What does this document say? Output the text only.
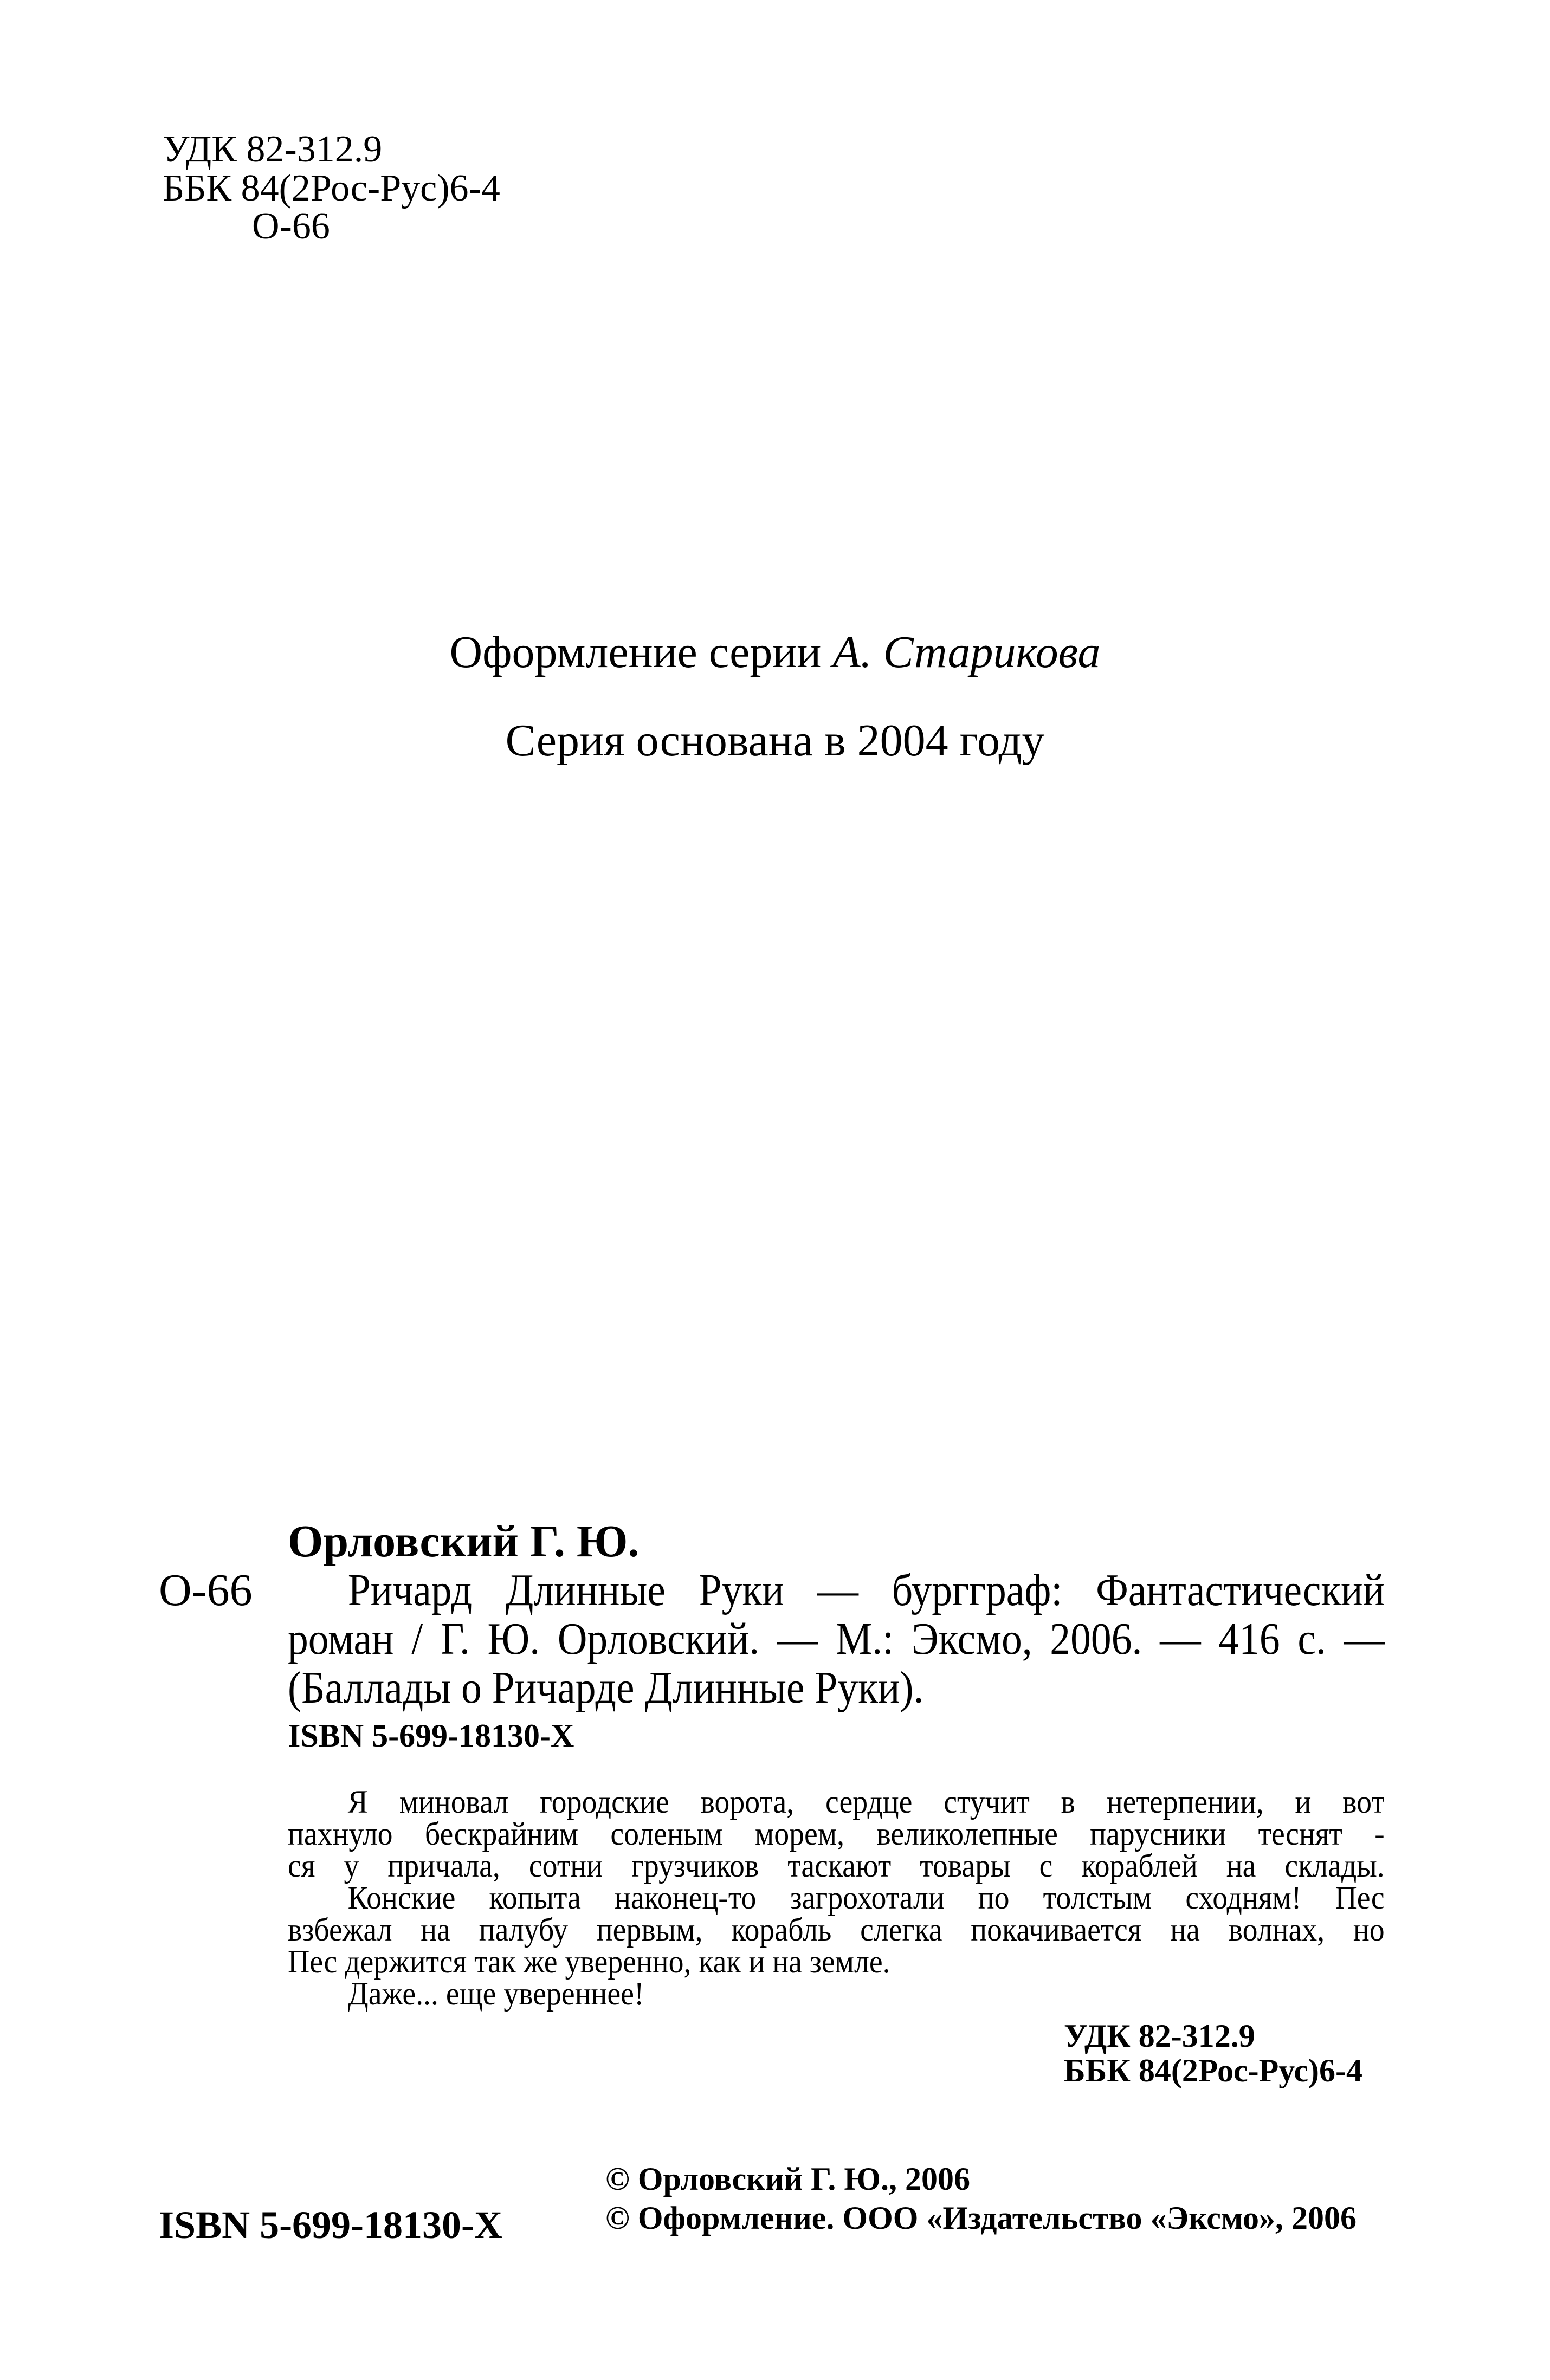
УДК 82-312.9
ББК 84(2Рос-Рус)6-4
О-66
Оформление серии А. Старикова
Серия основана в 2004 году
Орловский Г. Ю.
О-66 Ричард Длинные Руки — бургграф: Фантастический
роман / Г. Ю. Орловский. — М.: Эксмо, 2006. — 416 с. —
(Баллады о Ричарде Длинные Руки).
ISBN 5-699-18130-X
Я миновал городские ворота, сердце стучит в нетерпении, и вот
пахнуло бескрайним соленым морем, великолепные парусники теснят -
ся у причала, сотни грузчиков таскают товары с кораблей на склады.
Конские копыта наконец-то загрохотали по толстым сходням! Пес
взбежал на палубу первым, корабль слегка покачивается на волнах, но
Пес держится так же уверенно, как и на земле.
Даже... еще увереннее!
УДК 82-312.9
ББК 84(2Рос-Рус)6-4
© Орловский Г. Ю., 2006
© Оформление. ООО «Издательство «Эксмо», 2006
ISBN 5-699-18130-X
